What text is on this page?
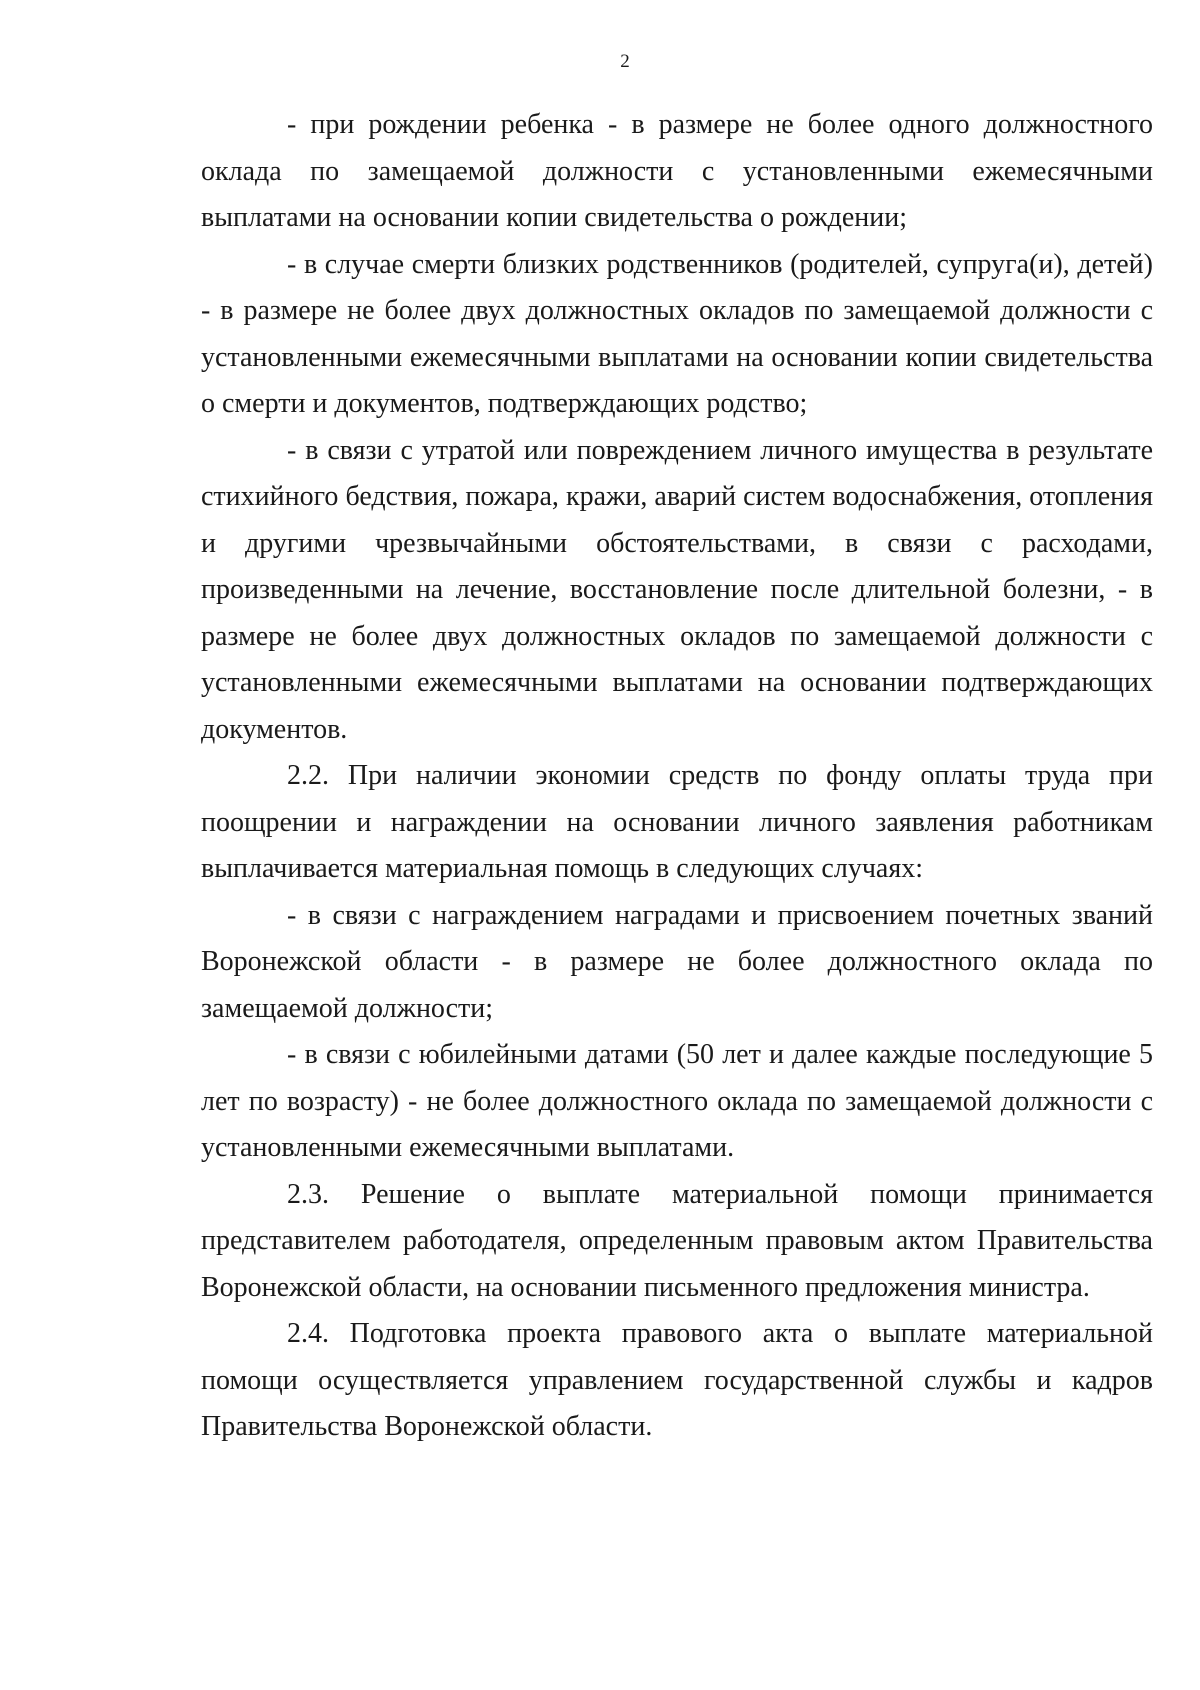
2

- при рождении ребенка - в размере не более одного должностного оклада по замещаемой должности с установленными ежемесячными выплатами на основании копии свидетельства о рождении;

- в случае смерти близких родственников (родителей, супруга(и), детей) - в размере не более двух должностных окладов по замещаемой должности с установленными ежемесячными выплатами на основании копии свидетельства о смерти и документов, подтверждающих родство;

- в связи с утратой или повреждением личного имущества в результате стихийного бедствия, пожара, кражи, аварий систем водоснабжения, отопления и другими чрезвычайными обстоятельствами, в связи с расходами, произведенными на лечение, восстановление после длительной болезни, - в размере не более двух должностных окладов по замещаемой должности с установленными ежемесячными выплатами на основании подтверждающих документов.

2.2. При наличии экономии средств по фонду оплаты труда при поощрении и награждении на основании личного заявления работникам выплачивается материальная помощь в следующих случаях:

- в связи с награждением наградами и присвоением почетных званий Воронежской области - в размере не более должностного оклада по замещаемой должности;

- в связи с юбилейными датами (50 лет и далее каждые последующие 5 лет по возрасту) - не более должностного оклада по замещаемой должности с установленными ежемесячными выплатами.

2.3. Решение о выплате материальной помощи принимается представителем работодателя, определенным правовым актом Правительства Воронежской области, на основании письменного предложения министра.

2.4. Подготовка проекта правового акта о выплате материальной помощи осуществляется управлением государственной службы и кадров Правительства Воронежской области.
